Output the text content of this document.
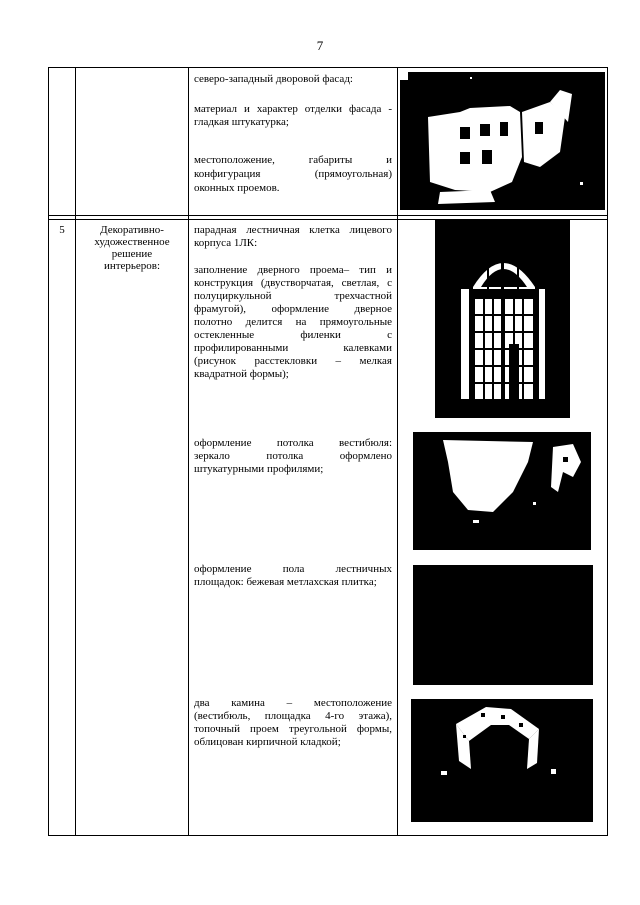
7
северо-западный дворовой фасад:
материал и характер отделки фасада -
гладкая штукатурка;
местоположение, габариты и
конфигурация (прямоугольная)
оконных проемов.
5	Декоративно-
художественное
решение
интерьеров:
парадная лестничная клетка лицевого
корпуса 1ЛК:
заполнение дверного проема– тип и
конструкция (двустворчатая, светлая, с
полуциркульной трехчастной
фрамугой), оформление дверное
полотно делится на прямоугольные
остекленные филенки с
профилированными калевками
(рисунок расстекловки – мелкая
квадратной формы);
оформление потолка вестибюля:
зеркало потолка оформлено
штукатурными профилями;
оформление пола лестничных
площадок: бежевая метлахская плитка;
два камина – местоположение
(вестибюль, площадка 4-го этажа),
топочный проем треугольной формы,
облицован кирпичной кладкой;
